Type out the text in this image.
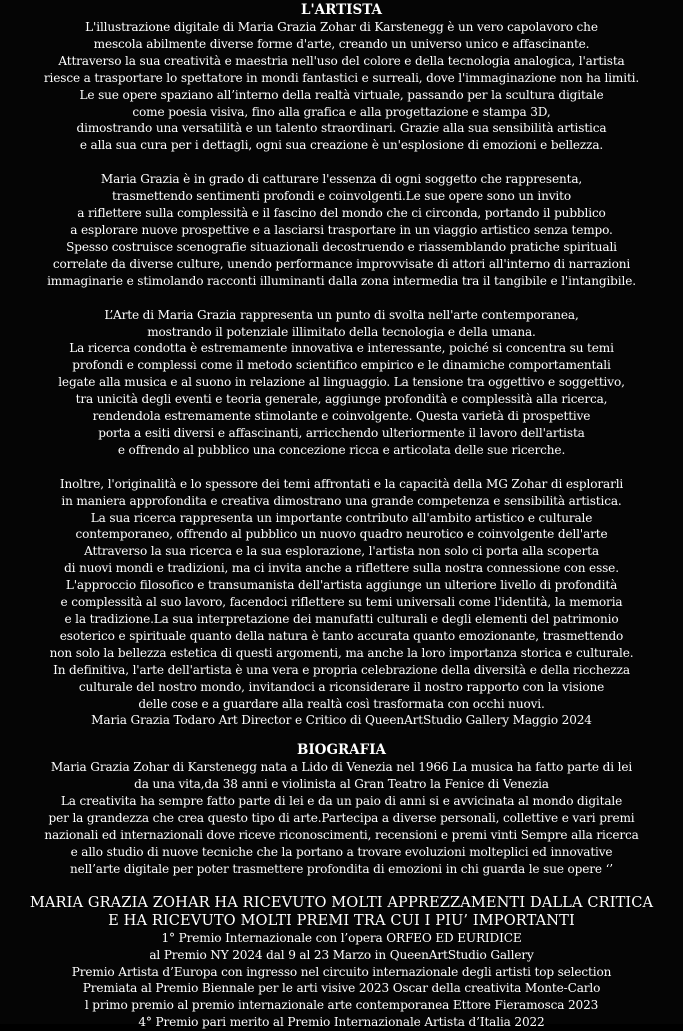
L'ARTISTA
L'illustrazione digitale di Maria Grazia Zohar di Karstenegg è un vero capolavoro che
mescola abilmente diverse forme d'arte, creando un universo unico e affascinante.
Attraverso la sua creatività e maestria nell'uso del colore e della tecnologia analogica, l'artista
riesce a trasportare lo spettatore in mondi fantastici e surreali, dove l'immaginazione non ha limiti.
Le sue opere spaziano all’interno della realtà virtuale, passando per la scultura digitale
come poesia visiva, fino alla grafica e alla progettazione e stampa 3D,
dimostrando una versatilità e un talento straordinari. Grazie alla sua sensibilità artistica
e alla sua cura per i dettagli, ogni sua creazione è un'esplosione di emozioni e bellezza.
Maria Grazia è in grado di catturare l'essenza di ogni soggetto che rappresenta,
trasmettendo sentimenti profondi e coinvolgenti.Le sue opere sono un invito
a riflettere sulla complessità e il fascino del mondo che ci circonda, portando il pubblico
a esplorare nuove prospettive e a lasciarsi trasportare in un viaggio artistico senza tempo.
Spesso costruisce scenografie situazionali decostruendo e riassemblando pratiche spirituali
correlate da diverse culture, unendo performance improvvisate di attori all'interno di narrazioni
immaginarie e stimolando racconti illuminanti dalla zona intermedia tra il tangibile e l'intangibile.
L’Arte di Maria Grazia rappresenta un punto di svolta nell'arte contemporanea,
mostrando il potenziale illimitato della tecnologia e della umana.
La ricerca condotta è estremamente innovativa e interessante, poiché si concentra su temi
profondi e complessi come il metodo scientifico empirico e le dinamiche comportamentali
legate alla musica e al suono in relazione al linguaggio. La tensione tra oggettivo e soggettivo,
tra unicità degli eventi e teoria generale, aggiunge profondità e complessità alla ricerca,
rendendola estremamente stimolante e coinvolgente. Questa varietà di prospettive
porta a esiti diversi e affascinanti, arricchendo ulteriormente il lavoro dell'artista
e offrendo al pubblico una concezione ricca e articolata delle sue ricerche.
Inoltre, l'originalità e lo spessore dei temi affrontati e la capacità della MG Zohar di esplorarli
in maniera approfondita e creativa dimostrano una grande competenza e sensibilità artistica.
La sua ricerca rappresenta un importante contributo all'ambito artistico e culturale
contemporaneo, offrendo al pubblico un nuovo quadro neurotico e coinvolgente dell'arte
Attraverso la sua ricerca e la sua esplorazione, l'artista non solo ci porta alla scoperta
di nuovi mondi e tradizioni, ma ci invita anche a riflettere sulla nostra connessione con esse.
L'approccio filosofico e transumanista dell'artista aggiunge un ulteriore livello di profondità
e complessità al suo lavoro, facendoci riflettere su temi universali come l'identità, la memoria
e la tradizione.La sua interpretazione dei manufatti culturali e degli elementi del patrimonio
esoterico e spirituale quanto della natura è tanto accurata quanto emozionante, trasmettendo
non solo la bellezza estetica di questi argomenti, ma anche la loro importanza storica e culturale.
In definitiva, l'arte dell'artista è una vera e propria celebrazione della diversità e della ricchezza
culturale del nostro mondo, invitandoci a riconsiderare il nostro rapporto con la visione
delle cose e a guardare alla realtà così trasformata con occhi nuovi.
Maria Grazia Todaro Art Director e Critico di QueenArtStudio Gallery Maggio 2024
BIOGRAFIA
Maria Grazia Zohar di Karstenegg nata a Lido di Venezia nel 1966 La musica ha fatto parte di lei
da una vita,da 38 anni e violinista al Gran Teatro la Fenice di Venezia
La creativita ha sempre fatto parte di lei e da un paio di anni si e avvicinata al mondo digitale
per la grandezza che crea questo tipo di arte.Partecipa a diverse personali, collettive e vari premi
nazionali ed internazionali dove riceve riconoscimenti, recensioni e premi vinti Sempre alla ricerca
e allo studio di nuove tecniche che la portano a trovare evoluzioni molteplici ed innovative
nell’arte digitale per poter trasmettere profondita di emozioni in chi guarda le sue opere ‘’
MARIA GRAZIA ZOHAR HA RICEVUTO MOLTI APPREZZAMENTI DALLA CRITICA
E HA RICEVUTO MOLTI PREMI TRA CUI I PIU’ IMPORTANTI
1° Premio Internazionale con l’opera ORFEO ED EURIDICE
al Premio NY 2024 dal 9 al 23 Marzo in QueenArtStudio Gallery
Premio Artista d’Europa con ingresso nel circuito internazionale degli artisti top selection
Premiata al Premio Biennale per le arti visive 2023 Oscar della creativita Monte-Carlo
l primo premio al premio internazionale arte contemporanea Ettore Fieramosca 2023
4° Premio pari merito al Premio Internazionale Artista d’Italia 2022
